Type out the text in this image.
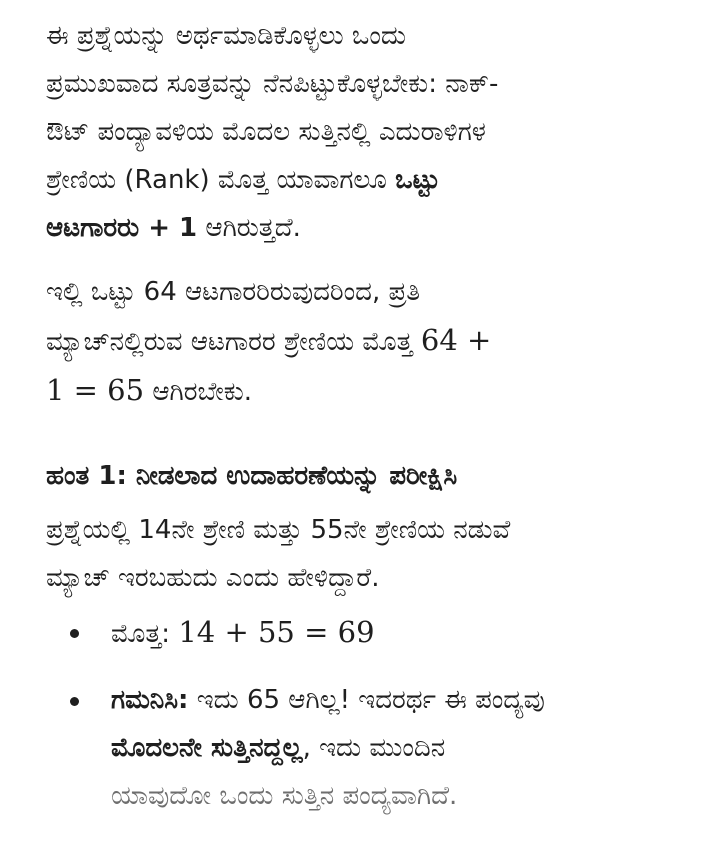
ಈ ಪ್ರಶ್ನೆಯನ್ನು ಅರ್ಥಮಾಡಿಕೊಳ್ಳಲು ಒಂದು
ಪ್ರಮುಖವಾದ ಸೂತ್ರವನ್ನು ನೆನಪಿಟ್ಟುಕೊಳ್ಳಬೇಕು: ನಾಕ್-
ಔಟ್ ಪಂದ್ಯಾವಳಿಯ ಮೊದಲ ಸುತ್ತಿನಲ್ಲಿ ಎದುರಾಳಿಗಳ
ಶ್ರೇಣಿಯ (Rank) ಮೊತ್ತ ಯಾವಾಗಲೂ ಒಟ್ಟು
ಆಟಗಾರರು + 1 ಆಗಿರುತ್ತದೆ.

ಇಲ್ಲಿ ಒಟ್ಟು 64 ಆಟಗಾರರಿರುವುದರಿಂದ, ಪ್ರತಿ
ಮ್ಯಾಚ್‌ನಲ್ಲಿರುವ ಆಟಗಾರರ ಶ್ರೇಣಿಯ ಮೊತ್ತ 64 +
1 = 65 ಆಗಿರಬೇಕು.

ಹಂತ 1: ನೀಡಲಾದ ಉದಾಹರಣೆಯನ್ನು ಪರೀಕ್ಷಿಸಿ

ಪ್ರಶ್ನೆಯಲ್ಲಿ 14ನೇ ಶ್ರೇಣಿ ಮತ್ತು 55ನೇ ಶ್ರೇಣಿಯ ನಡುವೆ
ಮ್ಯಾಚ್ ಇರಬಹುದು ಎಂದು ಹೇಳಿದ್ದಾರೆ.

ಮೊತ್ತ: 14 + 55 = 69
ಗಮನಿಸಿ: ಇದು 65 ಆಗಿಲ್ಲ! ಇದರರ್ಥ ಈ ಪಂದ್ಯವು
ಮೊದಲನೇ ಸುತ್ತಿನದ್ದಲ್ಲ, ಇದು ಮುಂದಿನ
ಯಾವುದೋ ಒಂದು ಸುತ್ತಿನ ಪಂದ್ಯವಾಗಿದೆ.
